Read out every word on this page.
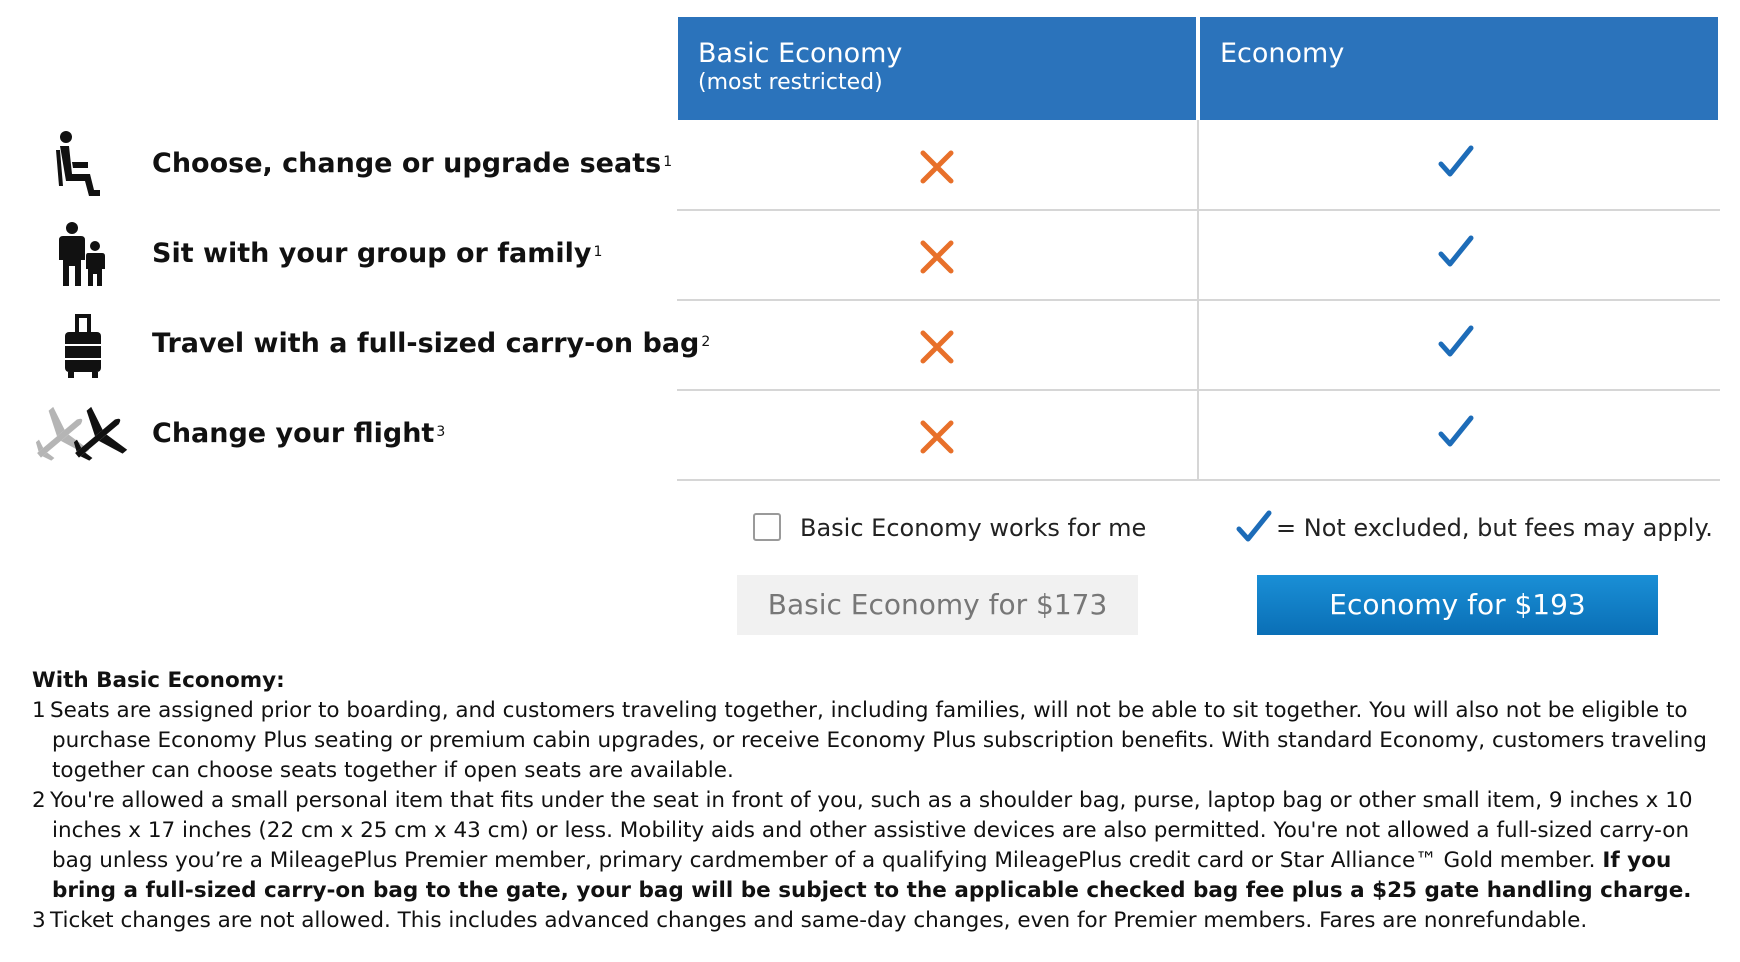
Basic Economy
(most restricted)
Economy
Choose, change or upgrade seats $^1$
Sit with your group or family $^1$
Travel with a full-sized carry-on bag $^2$
Change your flight $^3$
Basic Economy works for me	= Not excluded, but fees may apply.
Basic Economy for $173	Economy for $193
With Basic Economy:
1 Seats are assigned prior to boarding, and customers traveling together, including families, will not be able to sit together. You will also not be eligible to purchase Economy Plus seating or premium cabin upgrades, or receive Economy Plus subscription benefits. With standard Economy, customers traveling together can choose seats together if open seats are available.
2 You're allowed a small personal item that fits under the seat in front of you, such as a shoulder bag, purse, laptop bag or other small item, 9 inches x 10 inches x 17 inches (22 cm x 25 cm x 43 cm) or less. Mobility aids and other assistive devices are also permitted. You're not allowed a full-sized carry-on bag unless you’re a MileagePlus Premier member, primary cardmember of a qualifying MileagePlus credit card or Star Alliance™ Gold member. If you bring a full-sized carry-on bag to the gate, your bag will be subject to the applicable checked bag fee plus a $25 gate handling charge.
3 Ticket changes are not allowed. This includes advanced changes and same-day changes, even for Premier members. Fares are nonrefundable.
